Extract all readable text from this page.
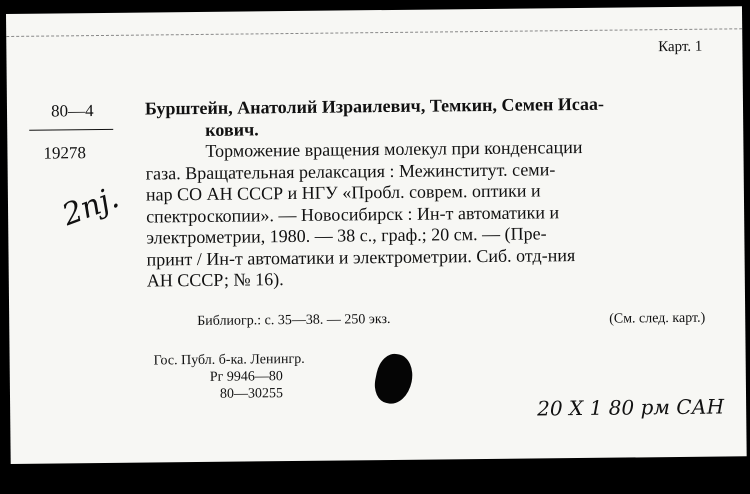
Карт. 1
80—4
19278
2пj.
Бурштейн, Анатолий Израилевич, Темкин, Семен Исаа-
кович.
Торможение вращения молекул при конденсации
газа. Вращательная релаксация : Межинститут. семи-
нар СО АН СССР и НГУ «Пробл. соврем. оптики и
спектроскопии». — Новосибирск : Ин-т автоматики и
электрометрии, 1980. — 38 с., граф.; 20 см. — (Пре-
принт / Ин-т автоматики и электрометрии. Сиб. отд-ния
АН СССР; № 16).
Библиогр.: с. 35—38. — 250 экз.	(См. след. карт.)
Гос. Публ. б-ка. Ленингр.
Рг 9946—80
80—30255
20 X 1 80 рм САН
